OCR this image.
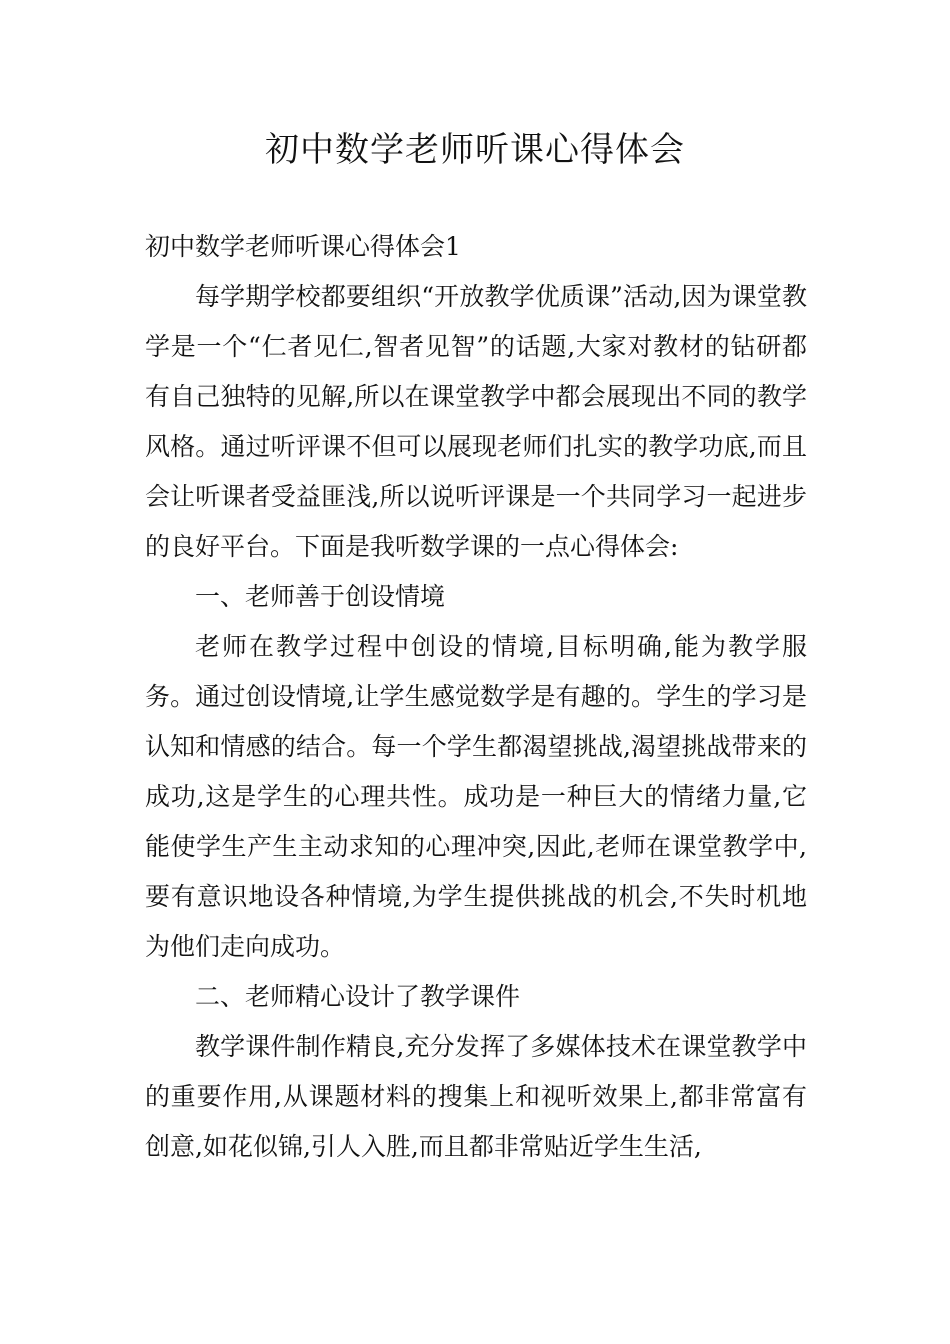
初中数学老师听课心得体会

初中数学老师听课心得体会1

每学期学校都要组织“开放教学优质课”活动,因为课堂教学是一个“仁者见仁,智者见智”的话题,大家对教材的钻研都有自己独特的见解,所以在课堂教学中都会展现出不同的教学风格。通过听评课不但可以展现老师们扎实的教学功底,而且会让听课者受益匪浅,所以说听评课是一个共同学习一起进步的良好平台。下面是我听数学课的一点心得体会:

一、老师善于创设情境

老师在教学过程中创设的情境,目标明确,能为教学服务。通过创设情境,让学生感觉数学是有趣的。学生的学习是认知和情感的结合。每一个学生都渴望挑战,渴望挑战带来的成功,这是学生的心理共性。成功是一种巨大的情绪力量,它能使学生产生主动求知的心理冲突,因此,老师在课堂教学中,要有意识地设各种情境,为学生提供挑战的机会,不失时机地为他们走向成功。

二、老师精心设计了教学课件

教学课件制作精良,充分发挥了多媒体技术在课堂教学中的重要作用,从课题材料的搜集上和视听效果上,都非常富有创意,如花似锦,引人入胜,而且都非常贴近学生生活,
